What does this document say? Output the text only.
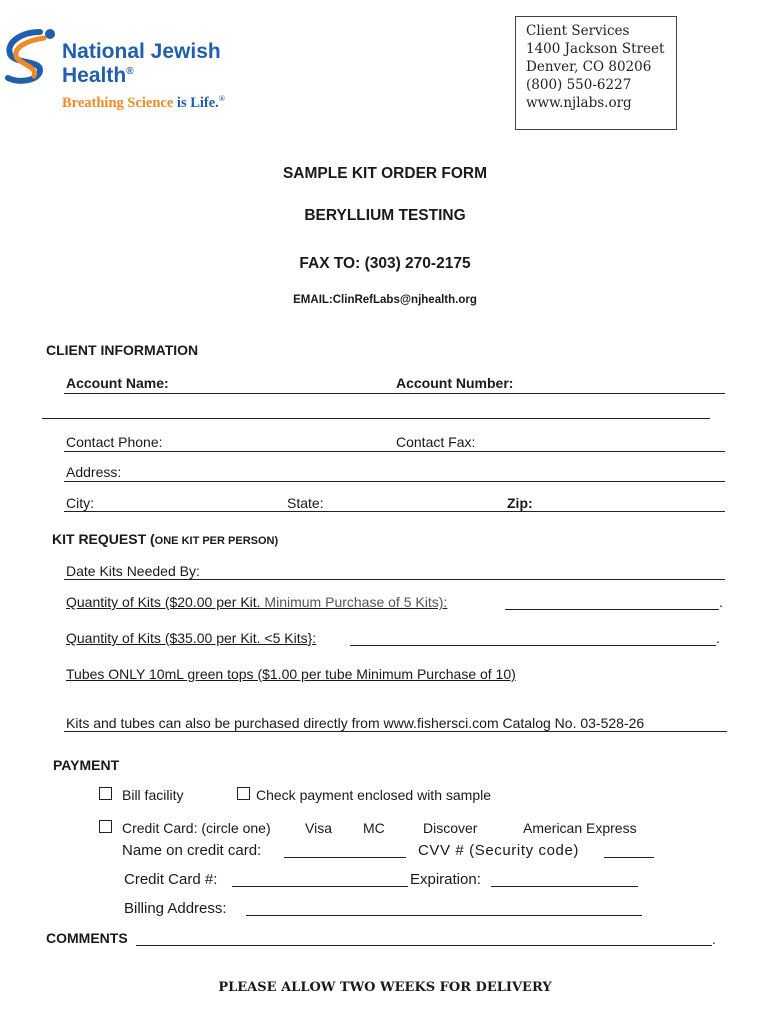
National Jewish
Health®
Breathing Science is Life.®
Client Services
1400 Jackson Street
Denver, CO 80206
(800) 550-6227
www.njlabs.org
SAMPLE KIT ORDER FORM
BERYLLIUM TESTING
FAX TO: (303) 270-2175
EMAIL:ClinRefLabs@njhealth.org
CLIENT INFORMATION
Account Name:	Account Number:
Contact Phone:	Contact Fax:
Address:
City:	State:	Zip:
KIT REQUEST (ONE KIT PER PERSON)
Date Kits Needed By:
Quantity of Kits ($20.00 per Kit. Minimum Purchase of 5 Kits):	.
Quantity of Kits ($35.00 per Kit. <5 Kits}:	.
Tubes ONLY 10mL green tops ($1.00 per tube Minimum Purchase of 10)
Kits and tubes can also be purchased directly from www.fishersci.com Catalog No. 03-528-26
PAYMENT
Bill facility	Check payment enclosed with sample
Credit Card: (circle one) Visa MC	Discover	American Express
Name on credit card:	CVV # (Security code)
Credit Card #:	Expiration:
Billing Address:
COMMENTS	.
PLEASE ALLOW TWO WEEKS FOR DELIVERY
